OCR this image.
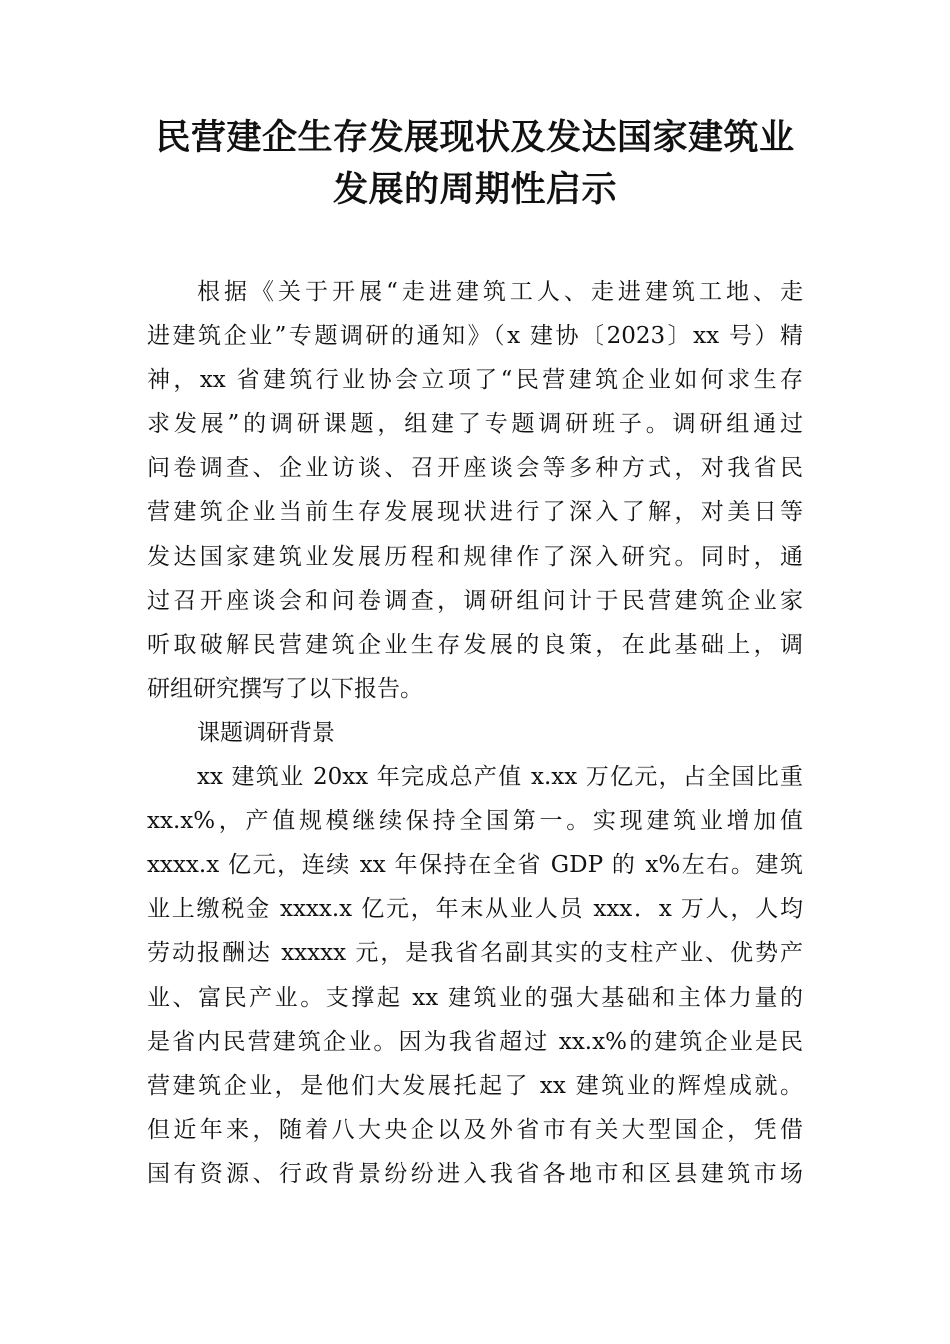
民营建企生存发展现状及发达国家建筑业
发展的周期性启示
根据《关于开展“走进建筑工人、走进建筑工地、走
进建筑企业”专题调研的通知》（x 建协〔2023〕xx 号）精
神，xx 省建筑行业协会立项了“民营建筑企业如何求生存
求发展”的调研课题，组建了专题调研班子。调研组通过
问卷调查、企业访谈、召开座谈会等多种方式，对我省民
营建筑企业当前生存发展现状进行了深入了解，对美日等
发达国家建筑业发展历程和规律作了深入研究。同时，通
过召开座谈会和问卷调查，调研组问计于民营建筑企业家
听取破解民营建筑企业生存发展的良策，在此基础上，调
研组研究撰写了以下报告。
课题调研背景
xx 建筑业 20xx 年完成总产值 x.xx 万亿元，占全国比重
xx.x%，产值规模继续保持全国第一。实现建筑业增加值
xxxx.x 亿元，连续 xx 年保持在全省 GDP 的 x%左右。建筑
业上缴税金 xxxx.x 亿元，年末从业人员 xxx．x 万人，人均
劳动报酬达 xxxxx 元，是我省名副其实的支柱产业、优势产
业、富民产业。支撑起 xx 建筑业的强大基础和主体力量的
是省内民营建筑企业。因为我省超过 xx.x%的建筑企业是民
营建筑企业，是他们大发展托起了 xx 建筑业的辉煌成就。
但近年来，随着八大央企以及外省市有关大型国企，凭借
国有资源、行政背景纷纷进入我省各地市和区县建筑市场
